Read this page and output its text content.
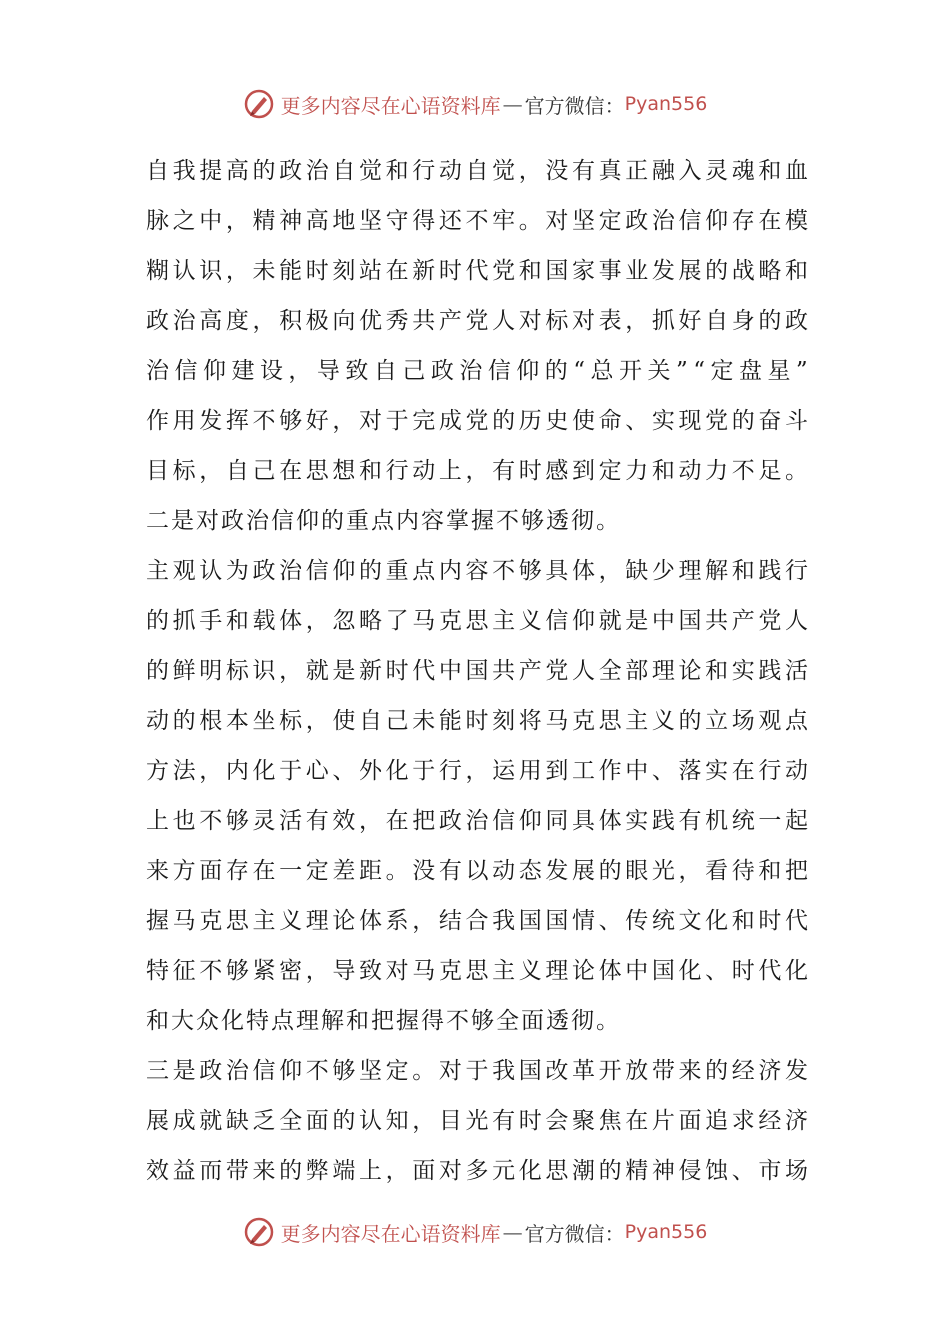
更多内容尽在心语资料库 — 官方微信： Pyan556
自 我 提 高 的 政 治 自 觉 和 行 动 自 觉 ， 没 有 真 正 融 入 灵 魂 和 血
脉 之 中 ， 精 神 高 地 坚 守 得 还 不 牢 。 对 坚 定 政 治 信 仰 存 在 模
糊 认 识 ， 未 能 时 刻 站 在 新 时 代 党 和 国 家 事 业 发 展 的 战 略 和
政 治 高 度 ， 积 极 向 优 秀 共 产 党 人 对 标 对 表 ， 抓 好 自 身 的 政
治 信 仰 建 设 ， 导 致 自 己 政 治 信 仰 的 “ 总 开 关 ” “ 定 盘 星 ”
作 用 发 挥 不 够 好 ， 对 于 完 成 党 的 历 史 使 命 、 实 现 党 的 奋 斗
目 标 ， 自 己 在 思 想 和 行 动 上 ， 有 时 感 到 定 力 和 动 力 不 足 。
二是对政治信仰的重点内容掌握不够透彻。
主 观 认 为 政 治 信 仰 的 重 点 内 容 不 够 具 体 ， 缺 少 理 解 和 践 行
的 抓 手 和 载 体 ， 忽 略 了 马 克 思 主 义 信 仰 就 是 中 国 共 产 党 人
的 鲜 明 标 识 ， 就 是 新 时 代 中 国 共 产 党 人 全 部 理 论 和 实 践 活
动 的 根 本 坐 标 ， 使 自 己 未 能 时 刻 将 马 克 思 主 义 的 立 场 观 点
方 法 ， 内 化 于 心 、 外 化 于 行 ， 运 用 到 工 作 中 、 落 实 在 行 动
上 也 不 够 灵 活 有 效 ， 在 把 政 治 信 仰 同 具 体 实 践 有 机 统 一 起
来 方 面 存 在 一 定 差 距 。 没 有 以 动 态 发 展 的 眼 光 ， 看 待 和 把
握 马 克 思 主 义 理 论 体 系 ， 结 合 我 国 国 情 、 传 统 文 化 和 时 代
特 征 不 够 紧 密 ， 导 致 对 马 克 思 主 义 理 论 体 中 国 化 、 时 代 化
和大众化特点理解和把握得不够全面透彻。
三 是 政 治 信 仰 不 够 坚 定 。 对 于 我 国 改 革 开 放 带 来 的 经 济 发
展 成 就 缺 乏 全 面 的 认 知 ， 目 光 有 时 会 聚 焦 在 片 面 追 求 经 济
效 益 而 带 来 的 弊 端 上 ， 面 对 多 元 化 思 潮 的 精 神 侵 蚀 、 市 场
更多内容尽在心语资料库 — 官方微信： Pyan556
